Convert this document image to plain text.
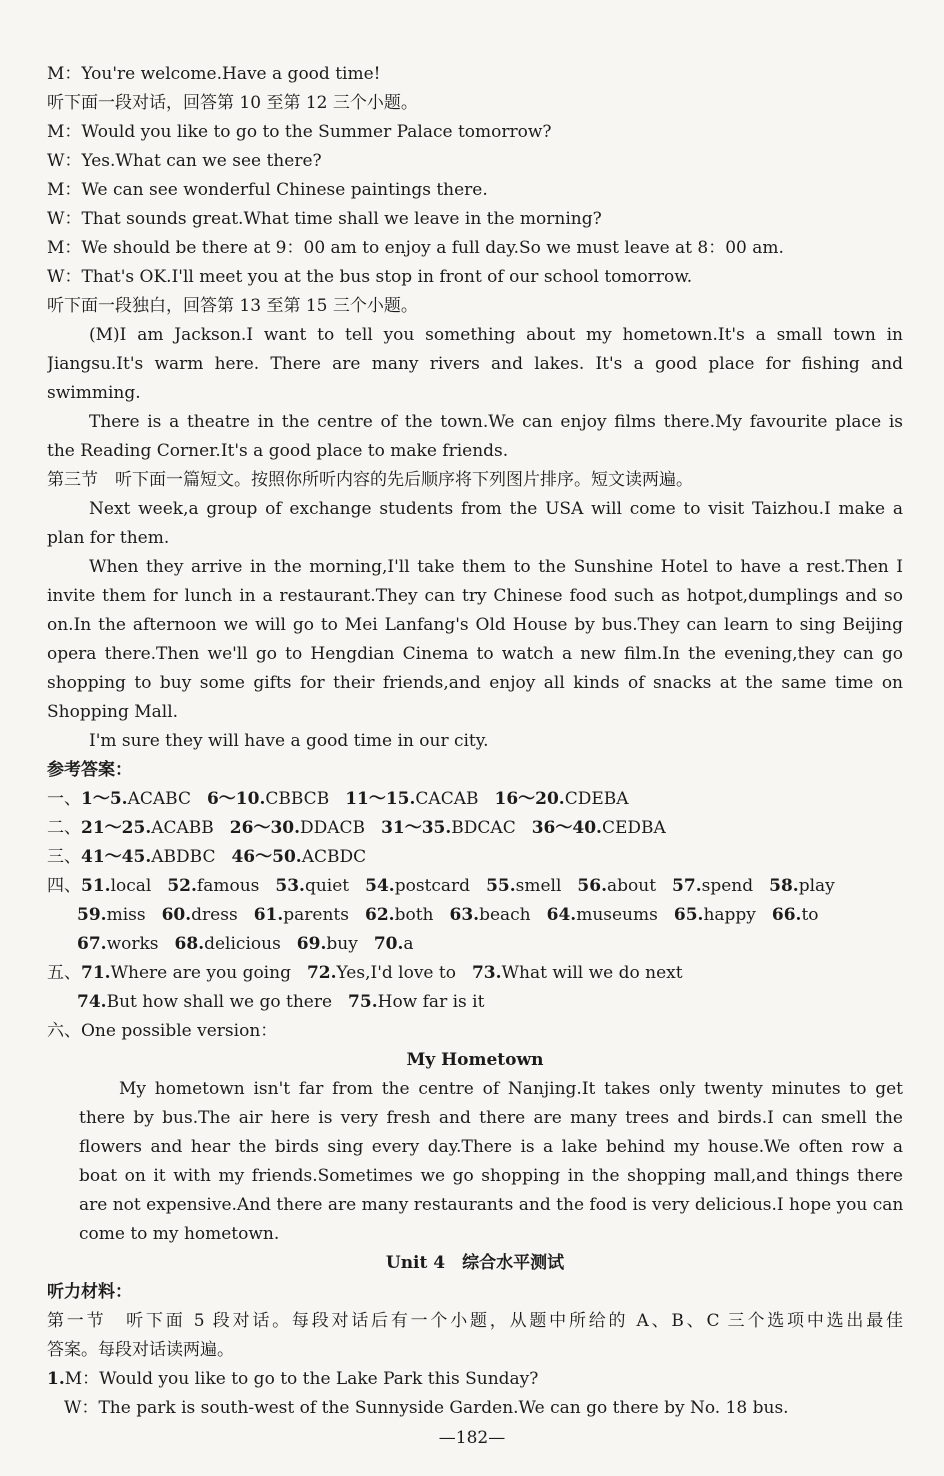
M：You're welcome.Have a good time!
听下面一段对话，回答第 10 至第 12 三个小题。
M：Would you like to go to the Summer Palace tomorrow?
W：Yes.What can we see there?
M：We can see wonderful Chinese paintings there.
W：That sounds great.What time shall we leave in the morning?
M：We should be there at 9：00 am to enjoy a full day.So we must leave at 8：00 am.
W：That's OK.I'll meet you at the bus stop in front of our school tomorrow.
听下面一段独白，回答第 13 至第 15 三个小题。
(M)I am Jackson.I want to tell you something about my hometown.It's a small town in
Jiangsu.It's warm here. There are many rivers and lakes. It's a good place for fishing and
swimming.
There is a theatre in the centre of the town.We can enjoy films there.My favourite place is
the Reading Corner.It's a good place to make friends.
第三节　听下面一篇短文。按照你所听内容的先后顺序将下列图片排序。短文读两遍。
Next week,a group of exchange students from the USA will come to visit Taizhou.I make a
plan for them.
When they arrive in the morning,I'll take them to the Sunshine Hotel to have a rest.Then I
invite them for lunch in a restaurant.They can try Chinese food such as hotpot,dumplings and so
on.In the afternoon we will go to Mei Lanfang's Old House by bus.They can learn to sing Beijing
opera there.Then we'll go to Hengdian Cinema to watch a new film.In the evening,they can go
shopping to buy some gifts for their friends,and enjoy all kinds of snacks at the same time on
Shopping Mall.
I'm sure they will have a good time in our city.
参考答案：
一、1～5.ACABC 6～10.CBBCB 11～15.CACAB 16～20.CDEBA
二、21～25.ACABB 26～30.DDACB 31～35.BDCAC 36～40.CEDBA
三、41～45.ABDBC 46～50.ACBDC
四、51.local 52.famous 53.quiet 54.postcard 55.smell 56.about 57.spend 58.play
59.miss 60.dress 61.parents 62.both 63.beach 64.museums 65.happy 66.to
67.works 68.delicious 69.buy 70.a
五、71.Where are you going 72.Yes,I'd love to 73.What will we do next
74.But how shall we go there 75.How far is it
六、One possible version：
My Hometown
My hometown isn't far from the centre of Nanjing.It takes only twenty minutes to get
there by bus.The air here is very fresh and there are many trees and birds.I can smell the
flowers and hear the birds sing every day.There is a lake behind my house.We often row a
boat on it with my friends.Sometimes we go shopping in the shopping mall,and things there
are not expensive.And there are many restaurants and the food is very delicious.I hope you can
come to my hometown.
Unit 4　综合水平测试
听力材料：
第一节　听下面 5 段对话。每段对话后有一个小题，从题中所给的 A、B、C 三个选项中选出最佳
答案。每段对话读两遍。
1.M：Would you like to go to the Lake Park this Sunday?
W：The park is south-west of the Sunnyside Garden.We can go there by No. 18 bus.
—182—
